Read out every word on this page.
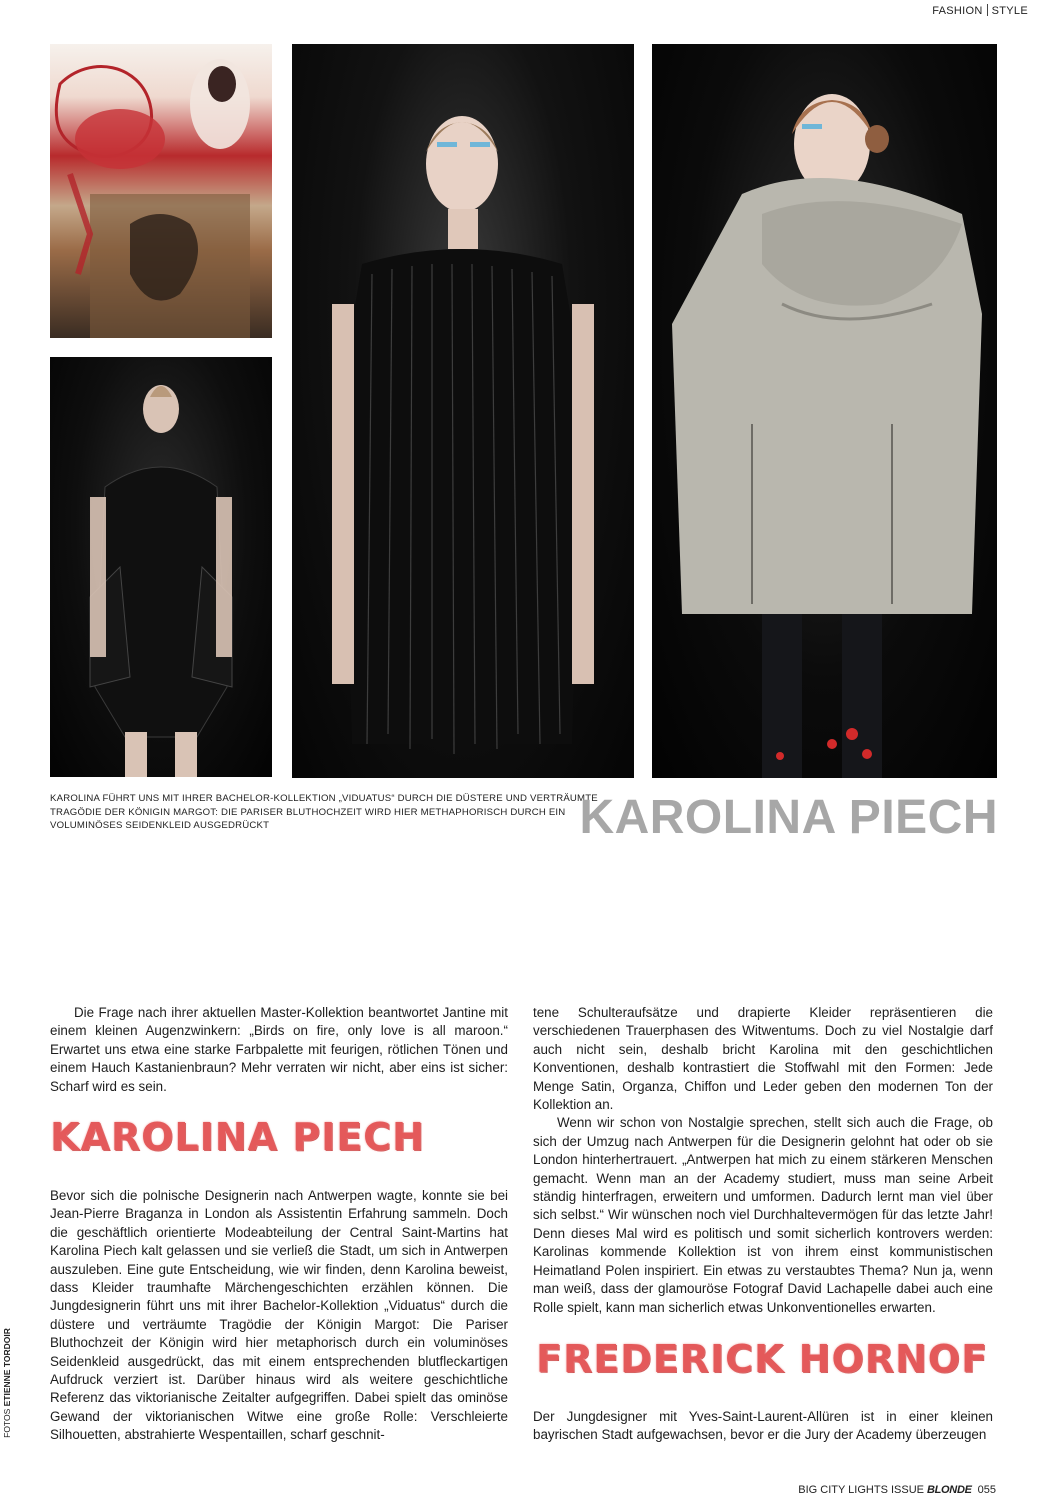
FASHION STYLE
KAROLINA FÜHRT UNS MIT IHRER BACHELOR-KOLLEKTION „VIDUATUS“ DURCH DIE DÜSTERE UND VERTRÄUMTE TRAGÖDIE DER KÖNIGIN MARGOT: DIE PARISER BLUTHOCHZEIT WIRD HIER METHAPHORISCH DURCH EIN VOLUMINÖSES SEIDENKLEID AUSGEDRÜCKT	KAROLINA PIECH

Die Frage nach ihrer aktuellen Master-Kollektion beantwortet Jantine mit einem kleinen Augenzwinkern: „Birds on fire, only love is all maroon.“ Erwartet uns etwa eine starke Farbpalette mit feurigen, rötlichen Tönen und einem Hauch Kastanienbraun? Mehr verraten wir nicht, aber eins ist sicher: Scharf wird es sein.

KAROLINA PIECH

Bevor sich die polnische Designerin nach Antwerpen wagte, konnte sie bei Jean-Pierre Braganza in London als Assistentin Erfahrung sammeln. Doch die geschäftlich orientierte Modeabteilung der Central Saint-Martins hat Karolina Piech kalt gelassen und sie verließ die Stadt, um sich in Antwerpen auszuleben. Eine gute Entscheidung, wie wir finden, denn Karolina beweist, dass Kleider traumhafte Märchengeschichten erzählen können. Die Jungdesignerin führt uns mit ihrer Bachelor-Kollektion „Viduatus“ durch die düstere und verträumte Tragödie der Königin Margot: Die Pariser Bluthochzeit der Königin wird hier metaphorisch durch ein voluminöses Seidenkleid ausgedrückt, das mit einem entsprechenden blutfleckartigen Aufdruck verziert ist. Darüber hinaus wird als weitere geschichtliche Referenz das viktorianische Zeitalter aufgegriffen. Dabei spielt das ominöse Gewand der viktorianischen Witwe eine große Rolle: Verschleierte Silhouetten, abstrahierte Wespentaillen, scharf geschnit-

tene Schulteraufsätze und drapierte Kleider repräsentieren die verschiedenen Trauerphasen des Witwentums. Doch zu viel Nostalgie darf auch nicht sein, deshalb bricht Karolina mit den geschichtlichen Konventionen, deshalb kontrastiert die Stoffwahl mit den Formen: Jede Menge Satin, Organza, Chiffon und Leder geben den modernen Ton der Kollektion an.

Wenn wir schon von Nostalgie sprechen, stellt sich auch die Frage, ob sich der Umzug nach Antwerpen für die Designerin gelohnt hat oder ob sie London hinterhertrauert. „Antwerpen hat mich zu einem stärkeren Menschen gemacht. Wenn man an der Academy studiert, muss man seine Arbeit ständig hinterfragen, erweitern und umformen. Dadurch lernt man viel über sich selbst.“ Wir wünschen noch viel Durchhaltevermögen für das letzte Jahr! Denn dieses Mal wird es politisch und somit sicherlich kontrovers werden: Karolinas kommende Kollektion ist von ihrem einst kommunistischen Heimatland Polen inspiriert. Ein etwas zu verstaubtes Thema? Nun ja, wenn man weiß, dass der glamouröse Fotograf David Lachapelle dabei auch eine Rolle spielt, kann man sicherlich etwas Unkonventionelles erwarten.

FREDERICK HORNOF

Der Jungdesigner mit Yves-Saint-Laurent-Allüren ist in einer kleinen bayrischen Stadt aufgewachsen, bevor er die Jury der Academy überzeugen

FOTOS ETIENNE TORDOIR
BIG CITY LIGHTS ISSUE BLONDE 055
